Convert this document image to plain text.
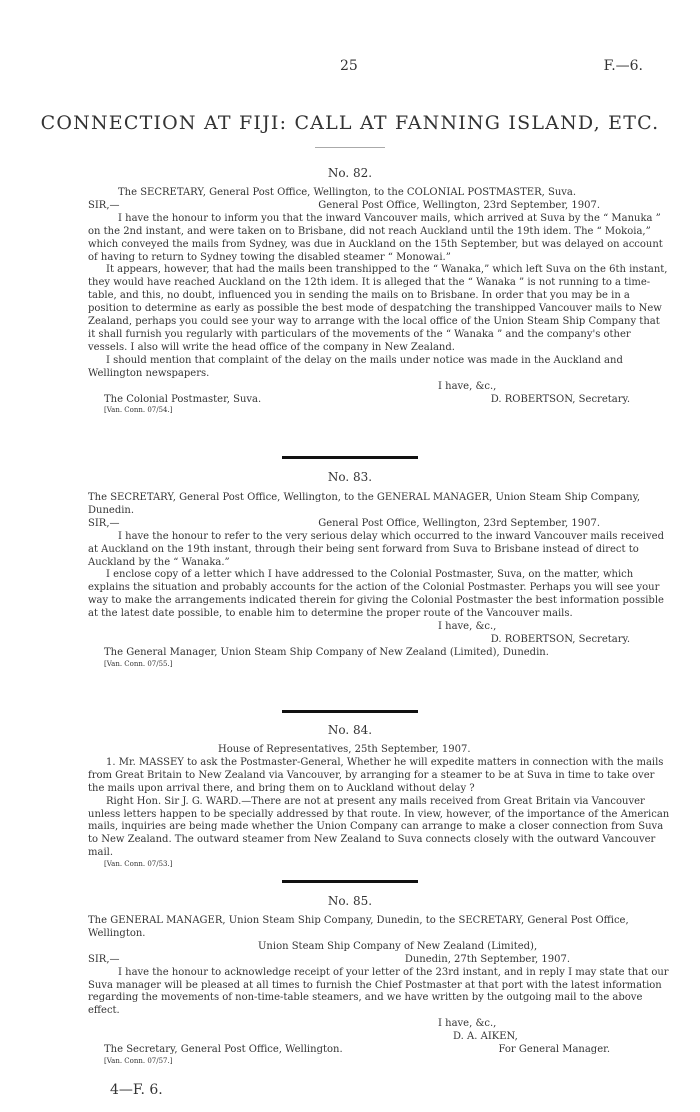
25	F.—6.
CONNECTION AT FIJI: CALL AT FANNING ISLAND, ETC.
No. 82.

The SECRETARY, General Post Office, Wellington, to the COLONIAL POSTMASTER, Suva.

SIR,—	General Post Office, Wellington, 23rd September, 1907.

I have the honour to inform you that the inward Vancouver mails, which arrived at Suva by the “ Manuka ” on the 2nd instant, and were taken on to Brisbane, did not reach Auckland until the 19th idem. The “ Mokoia,” which conveyed the mails from Sydney, was due in Auckland on the 15th September, but was delayed on account of having to return to Sydney towing the disabled steamer “ Monowai.”

It appears, however, that had the mails been transhipped to the “ Wanaka,” which left Suva on the 6th instant, they would have reached Auckland on the 12th idem. It is alleged that the “ Wanaka ” is not running to a time-table, and this, no doubt, influenced you in sending the mails on to Brisbane. In order that you may be in a position to determine as early as possible the best mode of despatching the transhipped Vancouver mails to New Zealand, perhaps you could see your way to arrange with the local office of the Union Steam Ship Company that it shall furnish you regularly with particulars of the movements of the “ Wanaka ” and the company's other vessels. I also will write the head office of the company in New Zealand.

I should mention that complaint of the delay on the mails under notice was made in the Auckland and Wellington newspapers.

I have, &c.,

The Colonial Postmaster, Suva.	D. ROBERTSON, Secretary.

[Van. Conn. 07/54.]

No. 83.

The SECRETARY, General Post Office, Wellington, to the GENERAL MANAGER, Union Steam Ship Company, Dunedin.

SIR,—	General Post Office, Wellington, 23rd September, 1907.

I have the honour to refer to the very serious delay which occurred to the inward Vancouver mails received at Auckland on the 19th instant, through their being sent forward from Suva to Brisbane instead of direct to Auckland by the “ Wanaka.”

I enclose copy of a letter which I have addressed to the Colonial Postmaster, Suva, on the matter, which explains the situation and probably accounts for the action of the Colonial Postmaster. Perhaps you will see your way to make the arrangements indicated therein for giving the Colonial Postmaster the best information possible at the latest date possible, to enable him to determine the proper route of the Vancouver mails.

I have, &c.,

D. ROBERTSON, Secretary.

The General Manager, Union Steam Ship Company of New Zealand (Limited), Dunedin.

[Van. Conn. 07/55.]

No. 84.

House of Representatives, 25th September, 1907.

1. Mr. MASSEY to ask the Postmaster-General, Whether he will expedite matters in connection with the mails from Great Britain to New Zealand via Vancouver, by arranging for a steamer to be at Suva in time to take over the mails upon arrival there, and bring them on to Auckland without delay ?

Right Hon. Sir J. G. WARD.—There are not at present any mails received from Great Britain via Vancouver unless letters happen to be specially addressed by that route. In view, however, of the importance of the American mails, inquiries are being made whether the Union Company can arrange to make a closer connection from Suva to New Zealand. The outward steamer from New Zealand to Suva connects closely with the outward Vancouver mail.

[Van. Conn. 07/53.]

No. 85.

The GENERAL MANAGER, Union Steam Ship Company, Dunedin, to the SECRETARY, General Post Office, Wellington.

Union Steam Ship Company of New Zealand (Limited),

SIR,—	Dunedin, 27th September, 1907.

I have the honour to acknowledge receipt of your letter of the 23rd instant, and in reply I may state that our Suva manager will be pleased at all times to furnish the Chief Postmaster at that port with the latest information regarding the movements of non-time-table steamers, and we have written by the outgoing mail to the above effect.

I have, &c.,

D. A. AIKEN,

The Secretary, General Post Office, Wellington.	For General Manager.

[Van. Conn. 07/57.]

4—F. 6.
